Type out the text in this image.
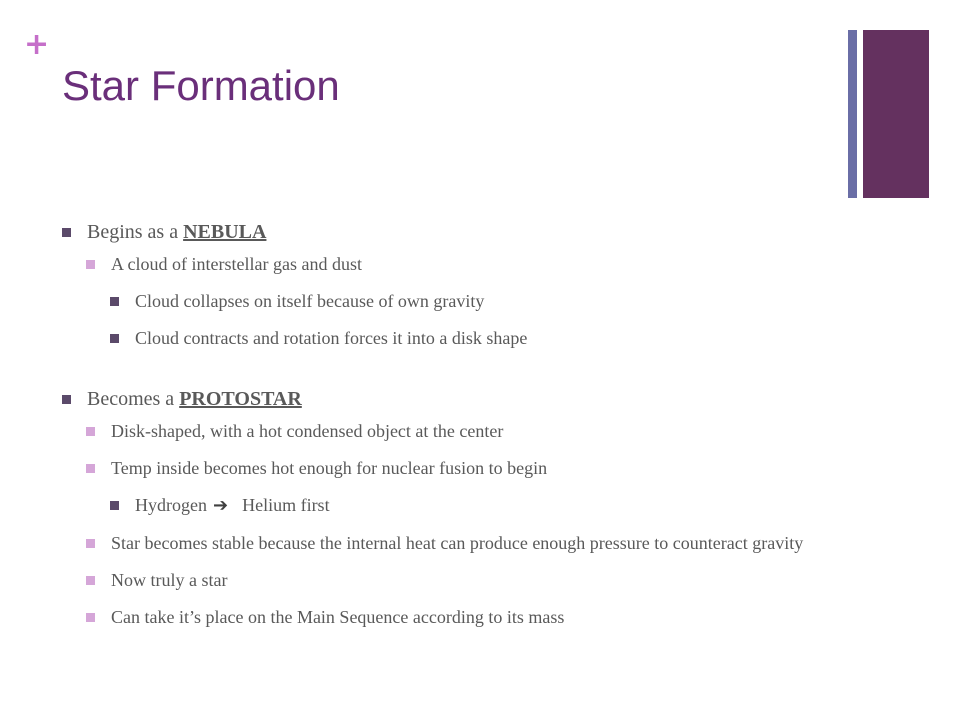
+
Star Formation
Begins as a NEBULA
A cloud of interstellar gas and dust
Cloud collapses on itself because of own gravity
Cloud contracts and rotation forces it into a disk shape
Becomes a PROTOSTAR
Disk-shaped, with a hot condensed object at the center
Temp inside becomes hot enough for nuclear fusion to begin
Hydrogen ➔ Helium first
Star becomes stable because the internal heat can produce enough pressure to counteract gravity
Now truly a star
Can take it’s place on the Main Sequence according to its mass
